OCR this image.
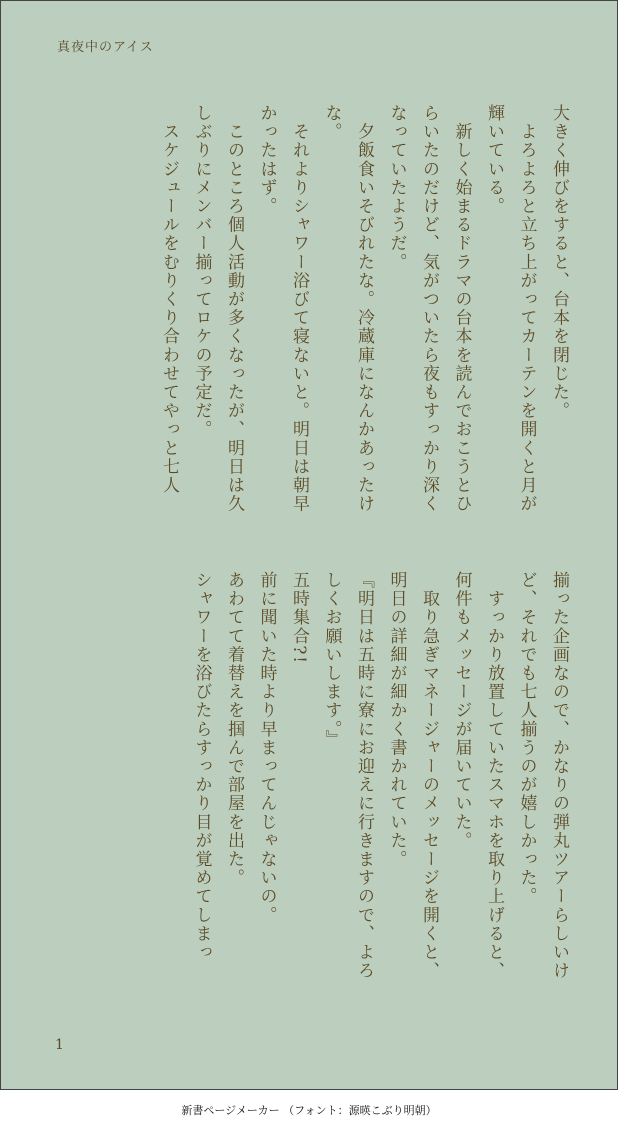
真夜中のアイス

大きく伸びをすると、台本を閉じた。

　よろよろと立ち上がってカーテンを開くと月が

輝いている。

　新しく始まるドラマの台本を読んでおこうとひ

らいたのだけど、気がついたら夜もすっかり深く

なっていたようだ。

　夕飯食いそびれたな。冷蔵庫になんかあったけ

な。

　それよりシャワー浴びて寝ないと。明日は朝早

かったはず。

　このところ個人活動が多くなったが、明日は久

しぶりにメンバー揃ってロケの予定だ。

　スケジュールをむりくり合わせてやっと七人

揃った企画なので、かなりの弾丸ツアーらしいけ

ど、それでも七人揃うのが嬉しかった。

　すっかり放置していたスマホを取り上げると、

何件もメッセージが届いていた。

　取り急ぎマネージャーのメッセージを開くと、

明日の詳細が細かく書かれていた。

『明日は五時に寮にお迎えに行きますので、よろ

しくお願いします。』

五時集合?!

前に聞いた時より早まってんじゃないの。

あわてて着替えを掴んで部屋を出た。

シャワーを浴びたらすっかり目が覚めてしまっ

1
新書ページメーカー （フォント：源暎こぶり明朝）
